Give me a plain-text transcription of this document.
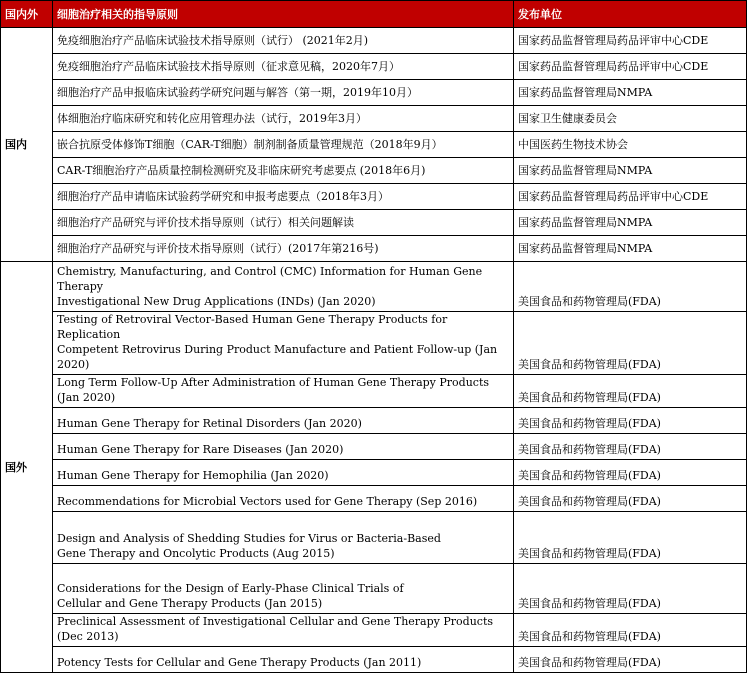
国内外	细胞治疗相关的指导原则	发布单位
国内	免疫细胞治疗产品临床试验技术指导原则（试行） (2021年2月)	国家药品监督管理局药品评审中心CDE
	免疫细胞治疗产品临床试验技术指导原则（征求意见稿，2020年7月）	国家药品监督管理局药品评审中心CDE
	细胞治疗产品申报临床试验药学研究问题与解答（第一期，2019年10月）	国家药品监督管理局NMPA
	体细胞治疗临床研究和转化应用管理办法（试行，2019年3月）	国家卫生健康委员会
	嵌合抗原受体修饰T细胞（CAR-T细胞）制剂制备质量管理规范（2018年9月）	中国医药生物技术协会
	CAR-T细胞治疗产品质量控制检测研究及非临床研究考虑要点 (2018年6月)	国家药品监督管理局NMPA
	细胞治疗产品申请临床试验药学研究和申报考虑要点（2018年3月）	国家药品监督管理局药品评审中心CDE
	细胞治疗产品研究与评价技术指导原则（试行）相关问题解读	国家药品监督管理局NMPA
	细胞治疗产品研究与评价技术指导原则（试行）(2017年第216号)	国家药品监督管理局NMPA
国外	Chemistry, Manufacturing, and Control (CMC) Information for Human Gene Therapy
Investigational New Drug Applications (INDs) (Jan 2020)	美国食品和药物管理局(FDA)

	Testing of Retroviral Vector-Based Human Gene Therapy Products for Replication
Competent Retrovirus During Product Manufacture and Patient Follow-up (Jan 2020)	美国食品和药物管理局(FDA)

	Long Term Follow-Up After Administration of Human Gene Therapy Products (Jan 2020)	美国食品和药物管理局(FDA)

	Human Gene Therapy for Retinal Disorders (Jan 2020)	美国食品和药物管理局(FDA)

	Human Gene Therapy for Rare Diseases (Jan 2020)	美国食品和药物管理局(FDA)

	Human Gene Therapy for Hemophilia (Jan 2020)	美国食品和药物管理局(FDA)

	Recommendations for Microbial Vectors used for Gene Therapy (Sep 2016)	美国食品和药物管理局(FDA)

	Design and Analysis of Shedding Studies for Virus or Bacteria-Based
Gene Therapy and Oncolytic Products (Aug 2015)	美国食品和药物管理局(FDA)

	Considerations for the Design of Early-Phase Clinical Trials of
Cellular and Gene Therapy Products (Jan 2015)	美国食品和药物管理局(FDA)

	Preclinical Assessment of Investigational Cellular and Gene Therapy Products (Dec 2013)	美国食品和药物管理局(FDA)

	Potency Tests for Cellular and Gene Therapy Products (Jan 2011)	美国食品和药物管理局(FDA)
